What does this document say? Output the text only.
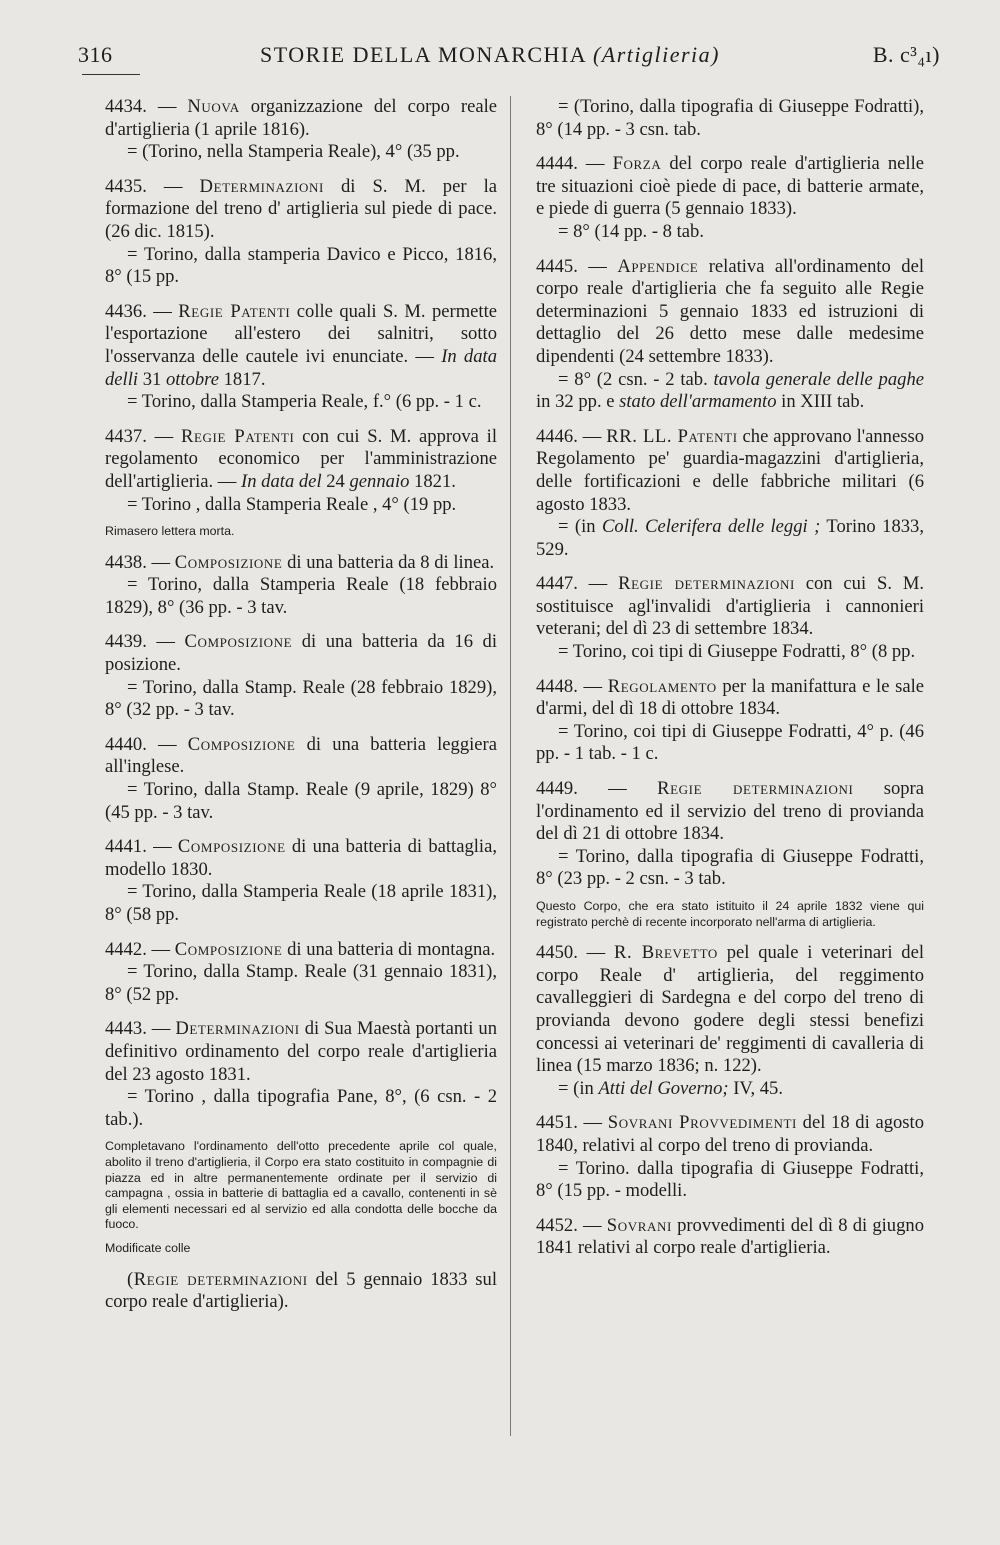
316	STORIE DELLA MONARCHIA (Artiglieria)	B. c³₄ı)
4434. — Nuova organizzazione del corpo reale d'artiglieria (1 aprile 1816).
= (Torino, nella Stamperia Reale), 4° (35 pp.
4435. — Determinazioni di S. M. per la formazione del treno d' artiglieria sul piede di pace. (26 dic. 1815).
= Torino, dalla stamperia Davico e Picco, 1816, 8° (15 pp.
4436. — Regie Patenti colle quali S. M. permette l'esportazione all'estero dei salnitri, sotto l'osservanza delle cautele ivi enunciate. — In data delli 31 ottobre 1817.
= Torino, dalla Stamperia Reale, f.° (6 pp. - 1 c.
4437. — Regie Patenti con cui S. M. approva il regolamento economico per l'amministrazione dell'artiglieria. — In data del 24 gennaio 1821.
= Torino , dalla Stamperia Reale , 4° (19 pp.
Rimasero lettera morta.
4438. — Composizione di una batteria da 8 di linea.
= Torino, dalla Stamperia Reale (18 febbraio 1829), 8° (36 pp. - 3 tav.
4439. — Composizione di una batteria da 16 di posizione.
= Torino, dalla Stamp. Reale (28 febbraio 1829), 8° (32 pp. - 3 tav.
4440. — Composizione di una batteria leggiera all'inglese.
= Torino, dalla Stamp. Reale (9 aprile, 1829) 8° (45 pp. - 3 tav.
4441. — Composizione di una batteria di battaglia, modello 1830.
= Torino, dalla Stamperia Reale (18 aprile 1831), 8° (58 pp.
4442. — Composizione di una batteria di montagna.
= Torino, dalla Stamp. Reale (31 gennaio 1831), 8° (52 pp.
4443. — Determinazioni di Sua Maestà portanti un definitivo ordinamento del corpo reale d'artiglieria del 23 agosto 1831.
= Torino , dalla tipografia Pane, 8°, (6 csn. - 2 tab.).
Completavano l'ordinamento dell'otto precedente aprile col quale, abolito il treno d'artiglieria, il Corpo era stato costituito in compagnie di piazza ed in altre permanentemente ordinate per il servizio di campagna , ossia in batterie di battaglia ed a cavallo, contenenti in sè gli elementi necessari ed al servizio ed alla condotta delle bocche da fuoco.
Modificate colle
(Regie determinazioni del 5 gennaio 1833 sul corpo reale d'artiglieria).
= (Torino, dalla tipografia di Giuseppe Fodratti), 8° (14 pp. - 3 csn. tab.
4444. — Forza del corpo reale d'artiglieria nelle tre situazioni cioè piede di pace, di batterie armate, e piede di guerra (5 gennaio 1833).
= 8° (14 pp. - 8 tab.
4445. — Appendice relativa all'ordinamento del corpo reale d'artiglieria che fa seguito alle Regie determinazioni 5 gennaio 1833 ed istruzioni di dettaglio del 26 detto mese dalle medesime dipendenti (24 settembre 1833).
= 8° (2 csn. - 2 tab. tavola generale delle paghe in 32 pp. e stato dell'armamento in XIII tab.
4446. — RR. LL. Patenti che approvano l'annesso Regolamento pe' guardia-magazzini d'artiglieria, delle fortificazioni e delle fabbriche militari (6 agosto 1833.
= (in Coll. Celerifera delle leggi ; Torino 1833, 529.
4447. — Regie determinazioni con cui S. M. sostituisce agl'invalidi d'artiglieria i cannonieri veterani; del dì 23 di settembre 1834.
= Torino, coi tipi di Giuseppe Fodratti, 8° (8 pp.
4448. — Regolamento per la manifattura e le sale d'armi, del dì 18 di ottobre 1834.
= Torino, coi tipi di Giuseppe Fodratti, 4° p. (46 pp. - 1 tab. - 1 c.
4449. — Regie determinazioni sopra l'ordinamento ed il servizio del treno di provianda del dì 21 di ottobre 1834.
= Torino, dalla tipografia di Giuseppe Fodratti, 8° (23 pp. - 2 csn. - 3 tab.
Questo Corpo, che era stato istituito il 24 aprile 1832 viene qui registrato perchè di recente incorporato nell'arma di artiglieria.
4450. — R. Brevetto pel quale i veterinari del corpo Reale d' artiglieria, del reggimento cavalleggieri di Sardegna e del corpo del treno di provianda devono godere degli stessi benefizi concessi ai veterinari de' reggimenti di cavalleria di linea (15 marzo 1836; n. 122).
= (in Atti del Governo; IV, 45.
4451. — Sovrani Provvedimenti del 18 di agosto 1840, relativi al corpo del treno di provianda.
= Torino. dalla tipografia di Giuseppe Fodratti, 8° (15 pp. - modelli.
4452. — Sovrani provvedimenti del dì 8 di giugno 1841 relativi al corpo reale d'artiglieria.
